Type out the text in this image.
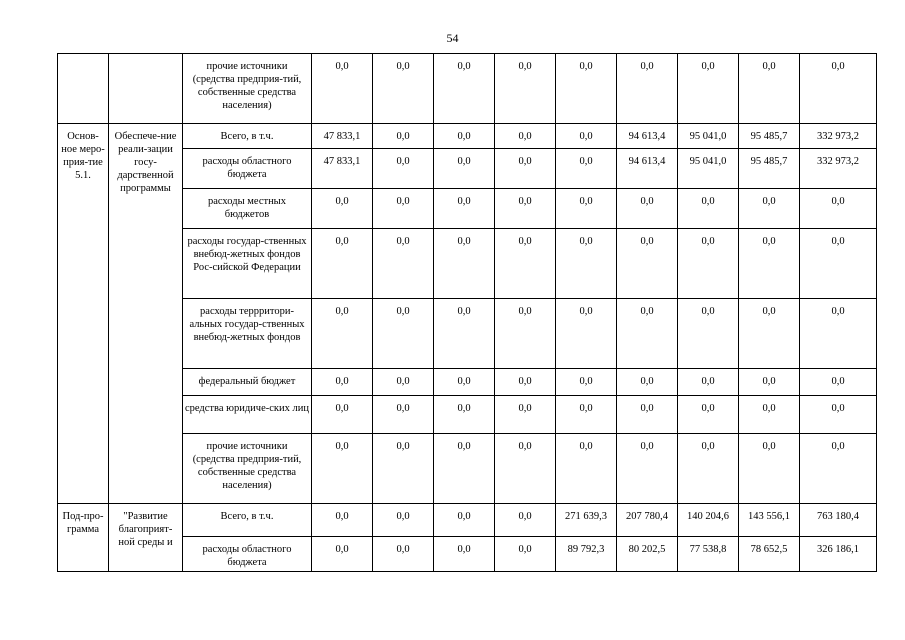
54
		прочие источники (средства предприя-тий, собственные средства населения)	0,0	0,0	0,0	0,0	0,0	0,0	0,0	0,0	0,0
Основ-ное меро-прия-тие 5.1.	Обеспече-ние реали-зации госу-дарственной программы	Всего, в т.ч.	47 833,1	0,0	0,0	0,0	0,0	94 613,4	95 041,0	95 485,7	332 973,2
		расходы областного бюджета	47 833,1	0,0	0,0	0,0	0,0	94 613,4	95 041,0	95 485,7	332 973,2
		расходы местных бюджетов	0,0	0,0	0,0	0,0	0,0	0,0	0,0	0,0	0,0
		расходы государ-ственных внебюд-жетных фондов Рос-сийской Федерации	0,0	0,0	0,0	0,0	0,0	0,0	0,0	0,0	0,0
		расходы террритори-альных государ-ственных внебюд-жетных фондов	0,0	0,0	0,0	0,0	0,0	0,0	0,0	0,0	0,0
		федеральный бюджет	0,0	0,0	0,0	0,0	0,0	0,0	0,0	0,0	0,0
		средства юридиче-ских лиц	0,0	0,0	0,0	0,0	0,0	0,0	0,0	0,0	0,0
		прочие источники (средства предприя-тий, собственные средства населения)	0,0	0,0	0,0	0,0	0,0	0,0	0,0	0,0	0,0
Под-про-грамма	"Развитие благоприят-ной среды и	Всего, в т.ч.	0,0	0,0	0,0	0,0	271 639,3	207 780,4	140 204,6	143 556,1	763 180,4
		расходы областного бюджета	0,0	0,0	0,0	0,0	89 792,3	80 202,5	77 538,8	78 652,5	326 186,1
